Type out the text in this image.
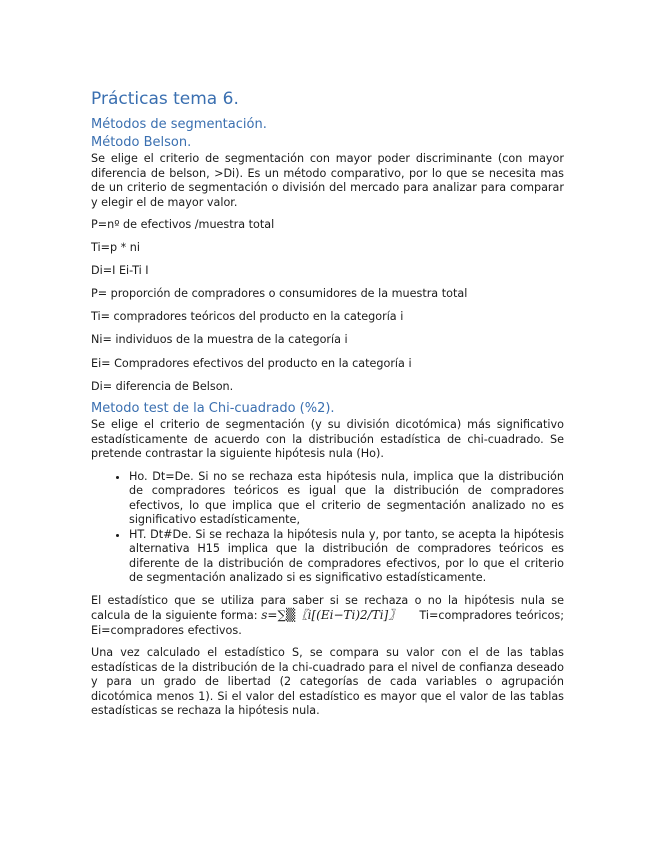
Prácticas tema 6.
Métodos de segmentación.
Método Belson.

Se elige el criterio de segmentación con mayor poder discriminante (con mayor diferencia de belson, >Di). Es un método comparativo, por lo que se necesita mas de un criterio de segmentación o división del mercado para analizar para comparar y elegir el de mayor valor.

P=nº de efectivos /muestra total

Ti=p * ni

Di=I Ei-Ti I

P= proporción de compradores o consumidores de la muestra total

Ti= compradores teóricos del producto en la categoría i

Ni= individuos de la muestra de la categoría i

Ei= Compradores efectivos del producto en la categoría i

Di= diferencia de Belson.

Metodo test de la Chi-cuadrado (%2).

Se elige el criterio de segmentación (y su división dicotómica) más significativo estadísticamente de acuerdo con la distribución estadística de chi-cuadrado. Se pretende contrastar la siguiente hipótesis nula (Ho).

• Ho. Dt=De. Si no se rechaza esta hipótesis nula, implica que la distribución de compradores teóricos es igual que la distribución de compradores efectivos, lo que implica que el criterio de segmentación analizado no es significativo estadísticamente,
• HT. Dt#De. Si se rechaza la hipótesis nula y, por tanto, se acepta la hipótesis alternativa H15 implica que la distribución de compradores teóricos es diferente de la distribución de compradores efectivos, por lo que el criterio de segmentación analizado si es significativo estadísticamente.

El estadístico que se utiliza para saber si se rechaza o no la hipótesis nula se calcula de la siguiente forma: s=∑▒〖i[(Ei−Ti)2/Ti]〗 Ti=compradores teóricos; Ei=compradores efectivos.

Una vez calculado el estadístico S, se compara su valor con el de las tablas estadísticas de la distribución de la chi-cuadrado para el nivel de confianza deseado y para un grado de libertad (2 categorías de cada variables o agrupación dicotómica menos 1). Si el valor del estadístico es mayor que el valor de las tablas estadísticas se rechaza la hipótesis nula.
